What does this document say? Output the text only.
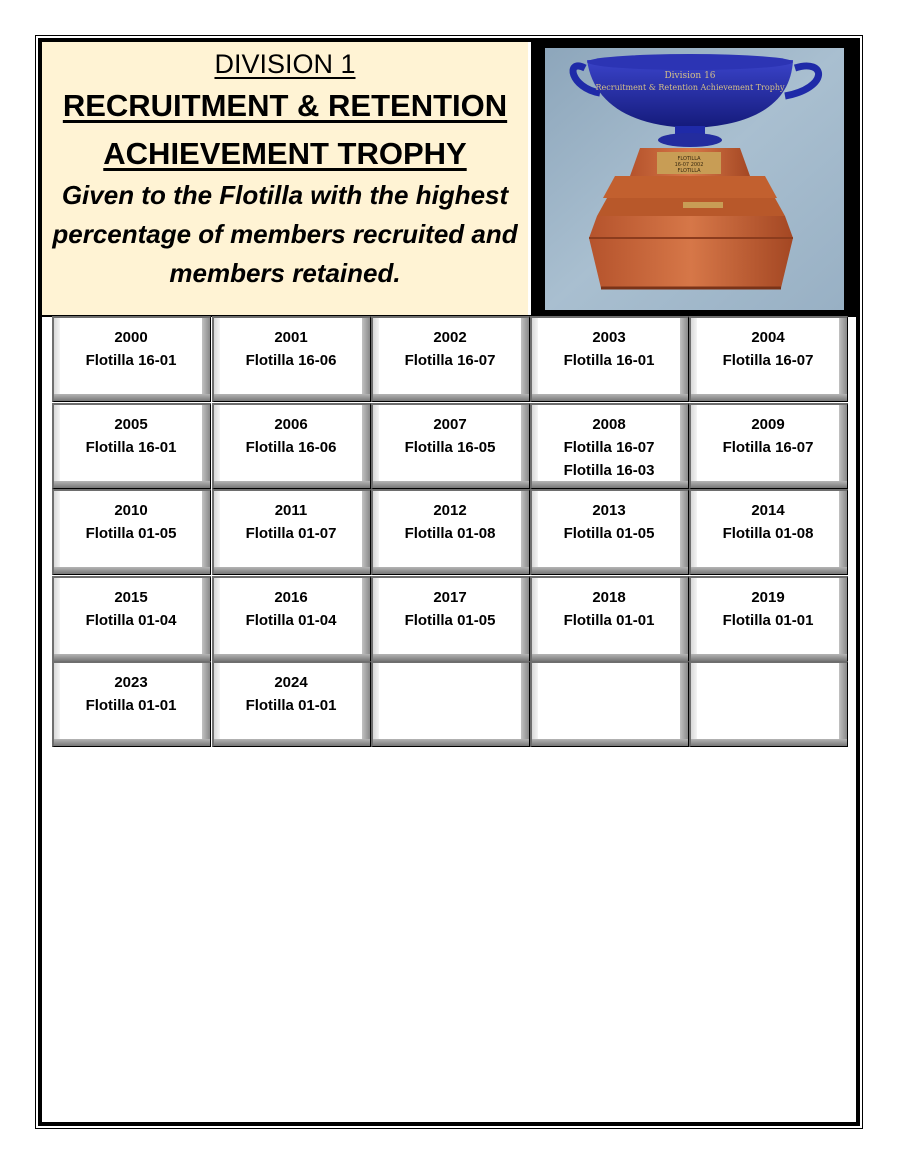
DIVISION 1
RECRUITMENT & RETENTION
ACHIEVEMENT TROPHY
Given to the Flotilla with the highest percentage of members recruited and members retained.
Division 16
Recruitment & Retention Achievement Trophy
FLOTILLA
16-07 2002
FLOTILLA
2000
Flotilla 16-01
2001
Flotilla 16-06
2002
Flotilla 16-07
2003
Flotilla 16-01
2004
Flotilla 16-07
2005
Flotilla 16-01
2006
Flotilla 16-06
2007
Flotilla 16-05
2008
Flotilla 16-07
Flotilla 16-03
2009
Flotilla 16-07
2010
Flotilla 01-05
2011
Flotilla 01-07
2012
Flotilla 01-08
2013
Flotilla 01-05
2014
Flotilla 01-08
2015
Flotilla 01-04
2016
Flotilla 01-04
2017
Flotilla 01-05
2018
Flotilla 01-01
2019
Flotilla 01-01
2023
Flotilla 01-01
2024
Flotilla 01-01
